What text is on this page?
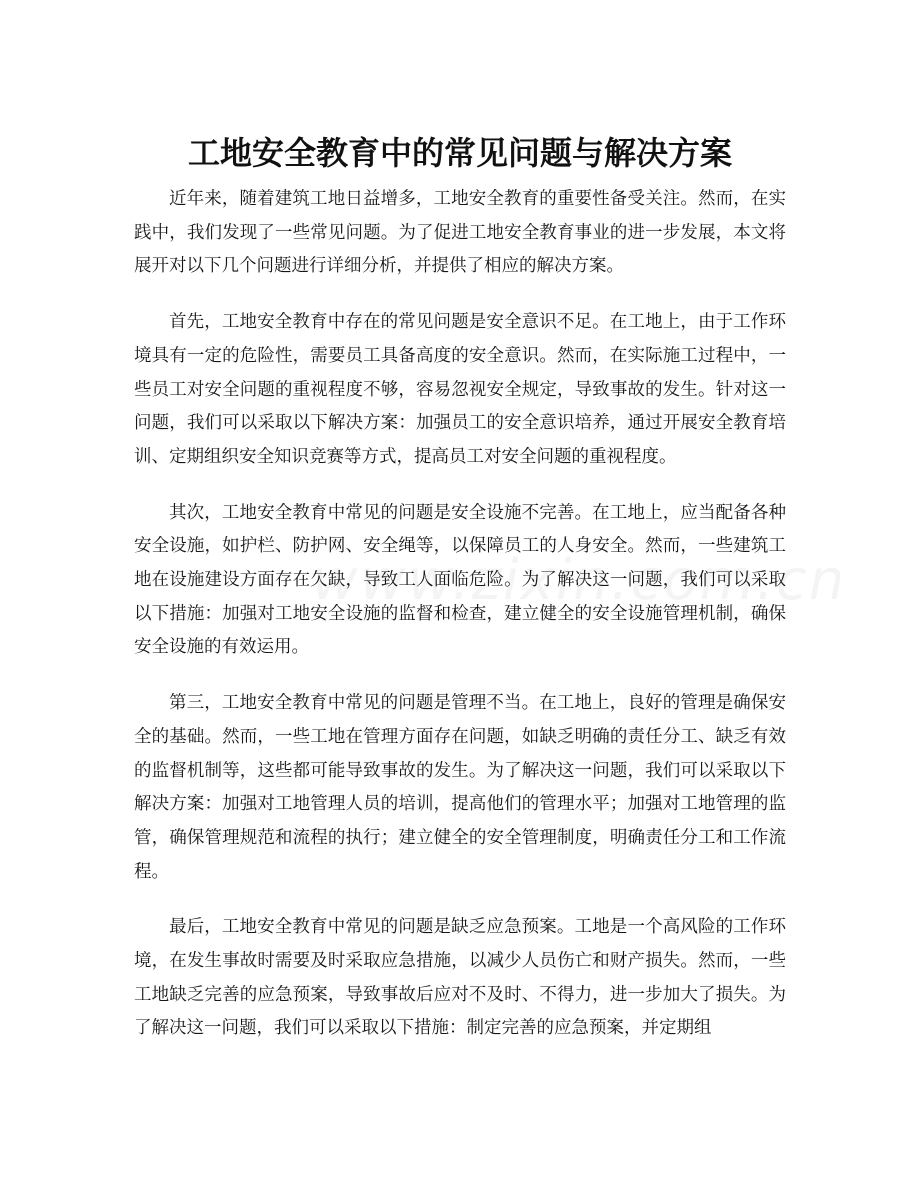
工地安全教育中的常见问题与解决方案

近年来，随着建筑工地日益增多，工地安全教育的重要性备受关注。然而，在实践中，我们发现了一些常见问题。为了促进工地安全教育事业的进一步发展，本文将展开对以下几个问题进行详细分析，并提供了相应的解决方案。

首先，工地安全教育中存在的常见问题是安全意识不足。在工地上，由于工作环境具有一定的危险性，需要员工具备高度的安全意识。然而，在实际施工过程中，一些员工对安全问题的重视程度不够，容易忽视安全规定，导致事故的发生。针对这一问题，我们可以采取以下解决方案：加强员工的安全意识培养，通过开展安全教育培训、定期组织安全知识竞赛等方式，提高员工对安全问题的重视程度。

其次，工地安全教育中常见的问题是安全设施不完善。在工地上，应当配备各种安全设施，如护栏、防护网、安全绳等，以保障员工的人身安全。然而，一些建筑工地在设施建设方面存在欠缺，导致工人面临危险。为了解决这一问题，我们可以采取以下措施：加强对工地安全设施的监督和检查，建立健全的安全设施管理机制，确保安全设施的有效运用。

第三，工地安全教育中常见的问题是管理不当。在工地上，良好的管理是确保安全的基础。然而，一些工地在管理方面存在问题，如缺乏明确的责任分工、缺乏有效的监督机制等，这些都可能导致事故的发生。为了解决这一问题，我们可以采取以下解决方案：加强对工地管理人员的培训，提高他们的管理水平；加强对工地管理的监管，确保管理规范和流程的执行；建立健全的安全管理制度，明确责任分工和工作流程。

最后，工地安全教育中常见的问题是缺乏应急预案。工地是一个高风险的工作环境，在发生事故时需要及时采取应急措施，以减少人员伤亡和财产损失。然而，一些工地缺乏完善的应急预案，导致事故后应对不及时、不得力，进一步加大了损失。为了解决这一问题，我们可以采取以下措施：制定完善的应急预案，并定期组
